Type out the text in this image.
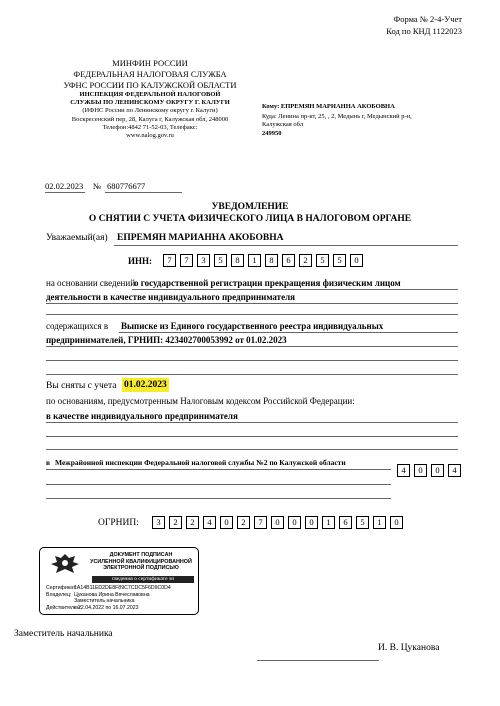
Форма № 2-4-Учет
Код по КНД 1122023
МИНФИН РОССИИ
ФЕДЕРАЛЬНАЯ НАЛОГОВАЯ СЛУЖБА
УФНС РОССИИ ПО КАЛУЖСКОЙ ОБЛАСТИ
ИНСПЕКЦИЯ ФЕДЕРАЛЬНОЙ НАЛОГОВОЙ
СЛУЖБЫ ПО ЛЕНИНСКОМУ ОКРУГУ Г. КАЛУГИ
(ИФНС России по Ленинскому округу г. Калуги)
Воскресенский пер, 28, Калуга г, Калужская обл, 248000
Телефон:4842 71-52-03, Телефакс:
www.nalog.gov.ru
Кому: ЕПРЕМЯН МАРИАННА АКОБОВНА
Куда: Ленина пр-кт, 25, , 2, Медынь г, Медынский р-н,
Калужская обл
249950
02.02.2023 № 680776677
УВЕДОМЛЕНИЕ
О СНЯТИИ С УЧЕТА ФИЗИЧЕСКОГО ЛИЦА В НАЛОГОВОМ ОРГАНЕ
Уважаемый(ая) ЕПРЕМЯН МАРИАННА АКОБОВНА
ИНН:	7	7	3	5	8	1	8	6	2	5	5	0
на основании сведений
о государственной регистрации прекращения физическим лицом
деятельности в качестве индивидуального предпринимателя
содержащихся в Выписке из Единого государственного реестра индивидуальных
предпринимателей, ГРНИП: 423402700053992 от 01.02.2023
Вы сняты с учета 01.02.2023
по основаниям, предусмотренным Налоговым кодексом Российской Федерации:
в качестве индивидуального предпринимателя
в Межрайонной инспекции Федеральной налоговой службы №2 по Калужской области
4	0	0	4
ОГРНИП:	3	2	2	4	0	2	7	0	0	0	1	6	5	1	0
ДОКУМЕНТ ПОДПИСАН
УСИЛЕННОЙ КВАЛИФИЦИРОВАННОЙ
ЭЛЕКТРОННОЙ ПОДПИСЬЮ
сведения о сертификате эп
Сертификат:
1A14B11ED2DE8F89C7CDC5F6D9C0D4
Владелец: Цуканова Ирина Вячеславовна
Заместитель начальника
Действителен:
с 22.04.2022 по 16.07.2023
Заместитель начальника
И. В. Цуканова
